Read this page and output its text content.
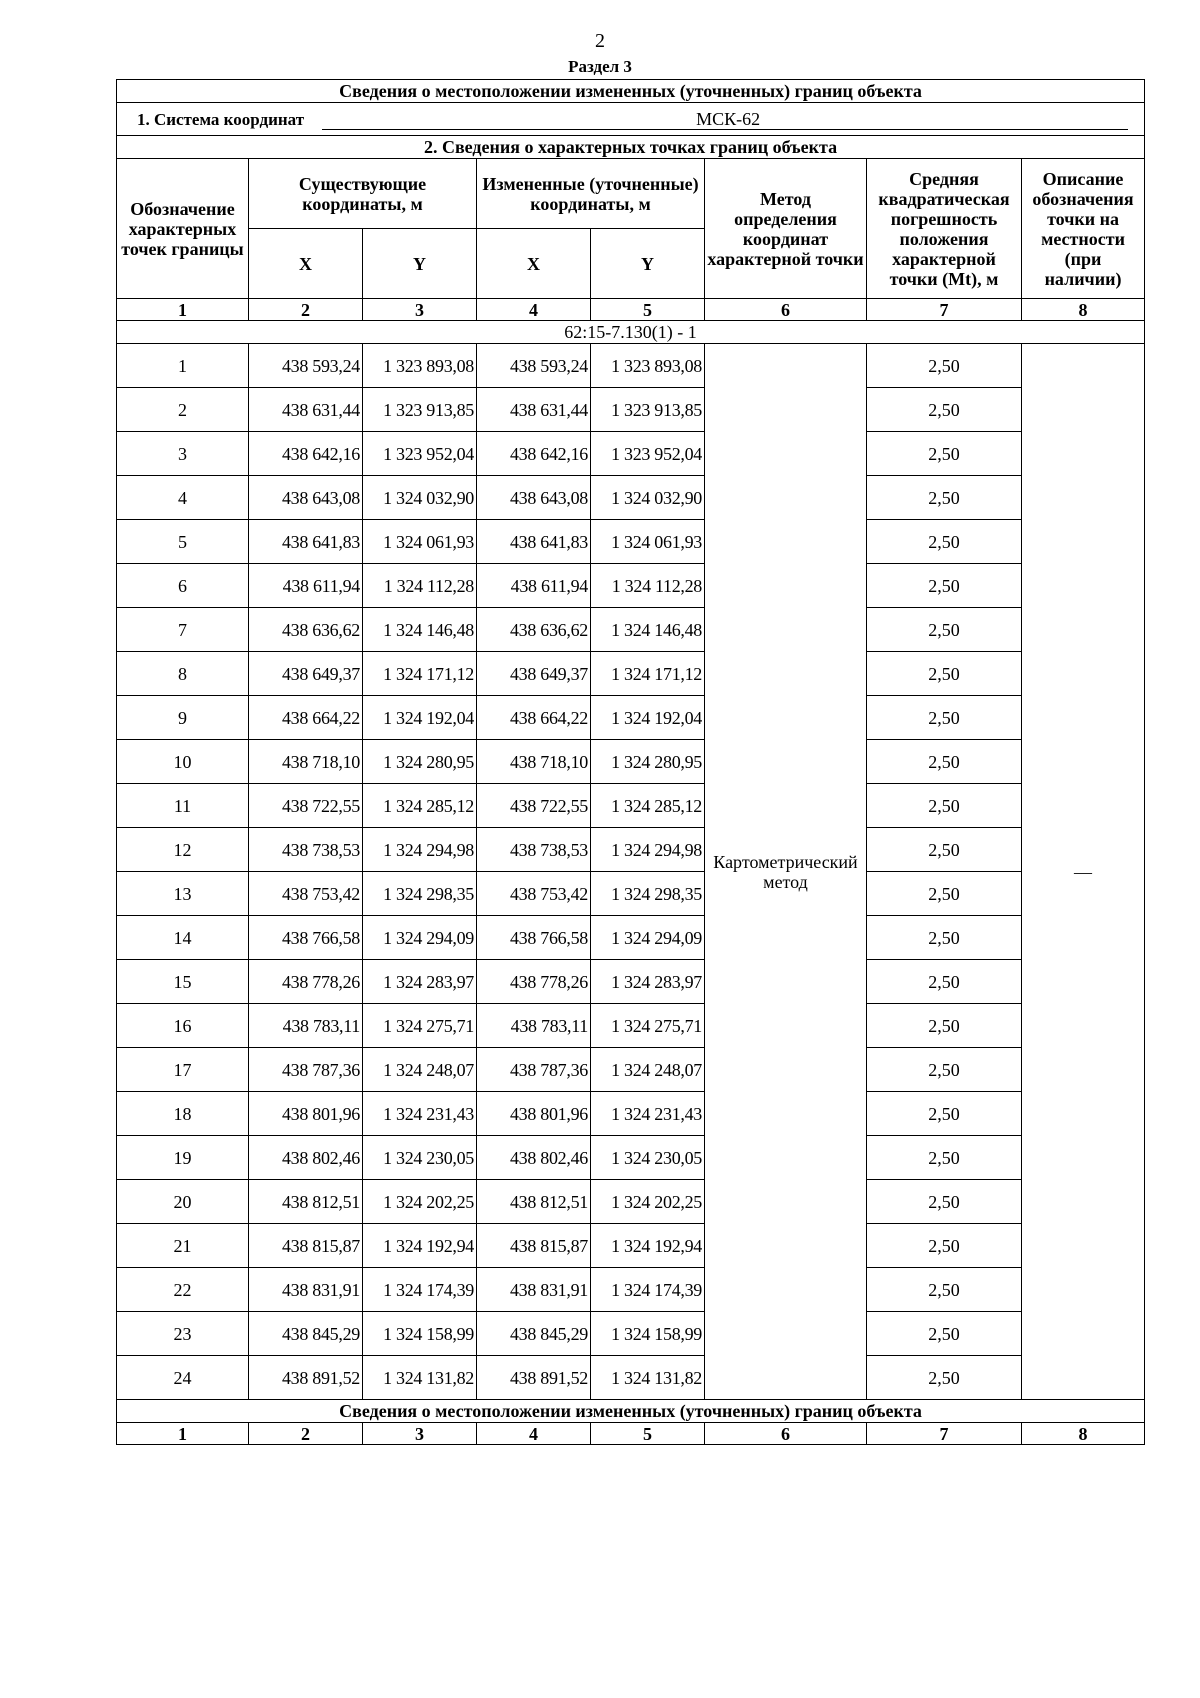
2
Раздел 3
Сведения о местоположении измененных (уточненных) границ объекта							
1. Система координат МСК-62							
2. Сведения о характерных точках границ объекта							
Обозначение характерных точек границы	Существующие координаты, м		Измененные (уточненные) координаты, м		Метод определения координат характерной точки	Средняя квадратическая погрешность положения характерной точки (Mt), м	Описание обозначения точки на местности (при наличии)
	X	Y	X	Y			
1	2	3	4	5	6	7	8
62:15-7.130(1) - 1							
1	438 593,24	1 323 893,08	438 593,24	1 323 893,08	Картометрический метод	2,50	—
2	438 631,44	1 323 913,85	438 631,44	1 323 913,85		2,50	
3	438 642,16	1 323 952,04	438 642,16	1 323 952,04		2,50	
4	438 643,08	1 324 032,90	438 643,08	1 324 032,90		2,50	
5	438 641,83	1 324 061,93	438 641,83	1 324 061,93		2,50	
6	438 611,94	1 324 112,28	438 611,94	1 324 112,28		2,50	
7	438 636,62	1 324 146,48	438 636,62	1 324 146,48		2,50	
8	438 649,37	1 324 171,12	438 649,37	1 324 171,12		2,50	
9	438 664,22	1 324 192,04	438 664,22	1 324 192,04		2,50	
10	438 718,10	1 324 280,95	438 718,10	1 324 280,95		2,50	
11	438 722,55	1 324 285,12	438 722,55	1 324 285,12		2,50	
12	438 738,53	1 324 294,98	438 738,53	1 324 294,98		2,50	
13	438 753,42	1 324 298,35	438 753,42	1 324 298,35		2,50	
14	438 766,58	1 324 294,09	438 766,58	1 324 294,09		2,50	
15	438 778,26	1 324 283,97	438 778,26	1 324 283,97		2,50	
16	438 783,11	1 324 275,71	438 783,11	1 324 275,71		2,50	
17	438 787,36	1 324 248,07	438 787,36	1 324 248,07		2,50	
18	438 801,96	1 324 231,43	438 801,96	1 324 231,43		2,50	
19	438 802,46	1 324 230,05	438 802,46	1 324 230,05		2,50	
20	438 812,51	1 324 202,25	438 812,51	1 324 202,25		2,50	
21	438 815,87	1 324 192,94	438 815,87	1 324 192,94		2,50	
22	438 831,91	1 324 174,39	438 831,91	1 324 174,39		2,50	
23	438 845,29	1 324 158,99	438 845,29	1 324 158,99		2,50	
24	438 891,52	1 324 131,82	438 891,52	1 324 131,82		2,50	
Сведения о местоположении измененных (уточненных) границ объекта							
1	2	3	4	5	6	7	8
